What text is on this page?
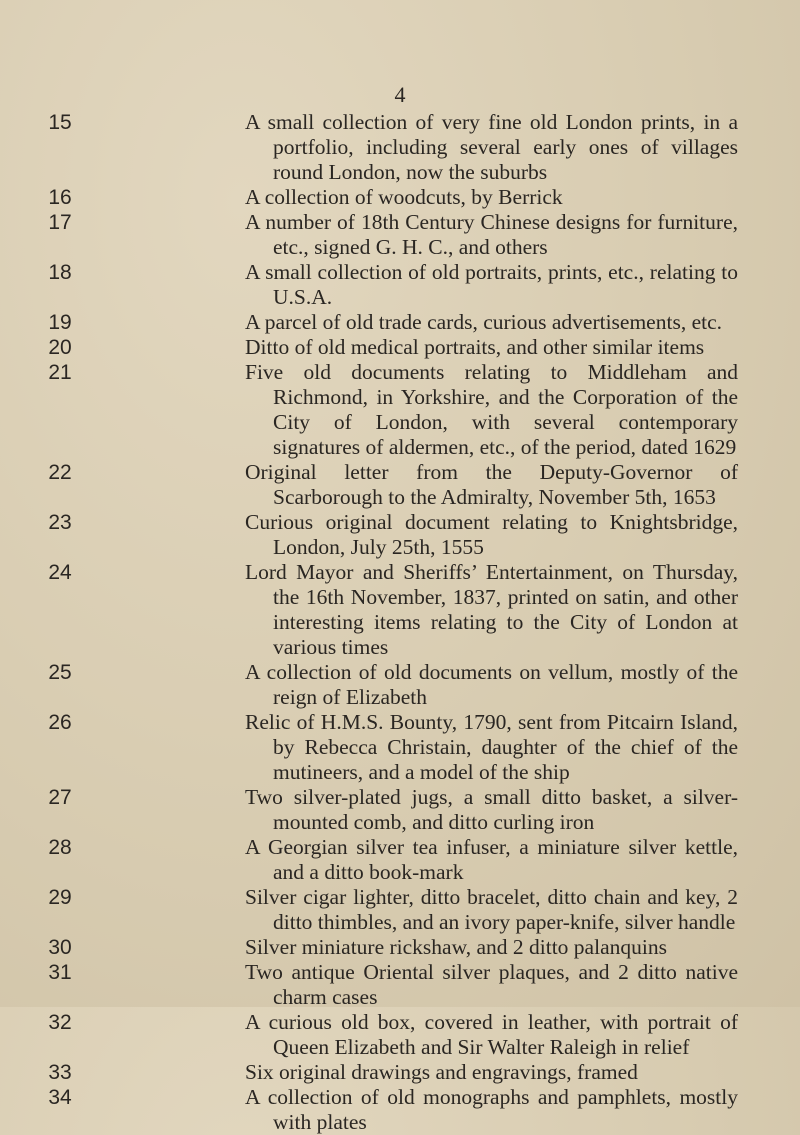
4
15	A small collection of very fine old London prints, in a portfolio, including several early ones of villages round London, now the suburbs
16	A collection of woodcuts, by Berrick
17	A number of 18th Century Chinese designs for furniture, etc., signed G. H. C., and others
18	A small collection of old portraits, prints, etc., relating to U.S.A.
19	A parcel of old trade cards, curious advertisements, etc.
20	Ditto of old medical portraits, and other similar items
21	Five old documents relating to Middleham and Richmond, in Yorkshire, and the Corporation of the City of London, with several contemporary signatures of aldermen, etc., of the period, dated 1629
22	Original letter from the Deputy-Governor of Scarborough to the Admiralty, November 5th, 1653
23	Curious original document relating to Knightsbridge, London, July 25th, 1555
24	Lord Mayor and Sheriffs’ Entertainment, on Thursday, the 16th November, 1837, printed on satin, and other interesting items relating to the City of London at various times
25	A collection of old documents on vellum, mostly of the reign of Elizabeth
26	Relic of H.M.S. Bounty, 1790, sent from Pitcairn Island, by Rebecca Christain, daughter of the chief of the mutineers, and a model of the ship
27	Two silver-plated jugs, a small ditto basket, a silver-mounted comb, and ditto curling iron
28	A Georgian silver tea infuser, a miniature silver kettle, and a ditto book-mark
29	Silver cigar lighter, ditto bracelet, ditto chain and key, 2 ditto thimbles, and an ivory paper-knife, silver handle
30	Silver miniature rickshaw, and 2 ditto palanquins
31	Two antique Oriental silver plaques, and 2 ditto native charm cases
32	A curious old box, covered in leather, with portrait of Queen Elizabeth and Sir Walter Raleigh in relief
33	Six original drawings and engravings, framed
34	A collection of old monographs and pamphlets, mostly with plates
